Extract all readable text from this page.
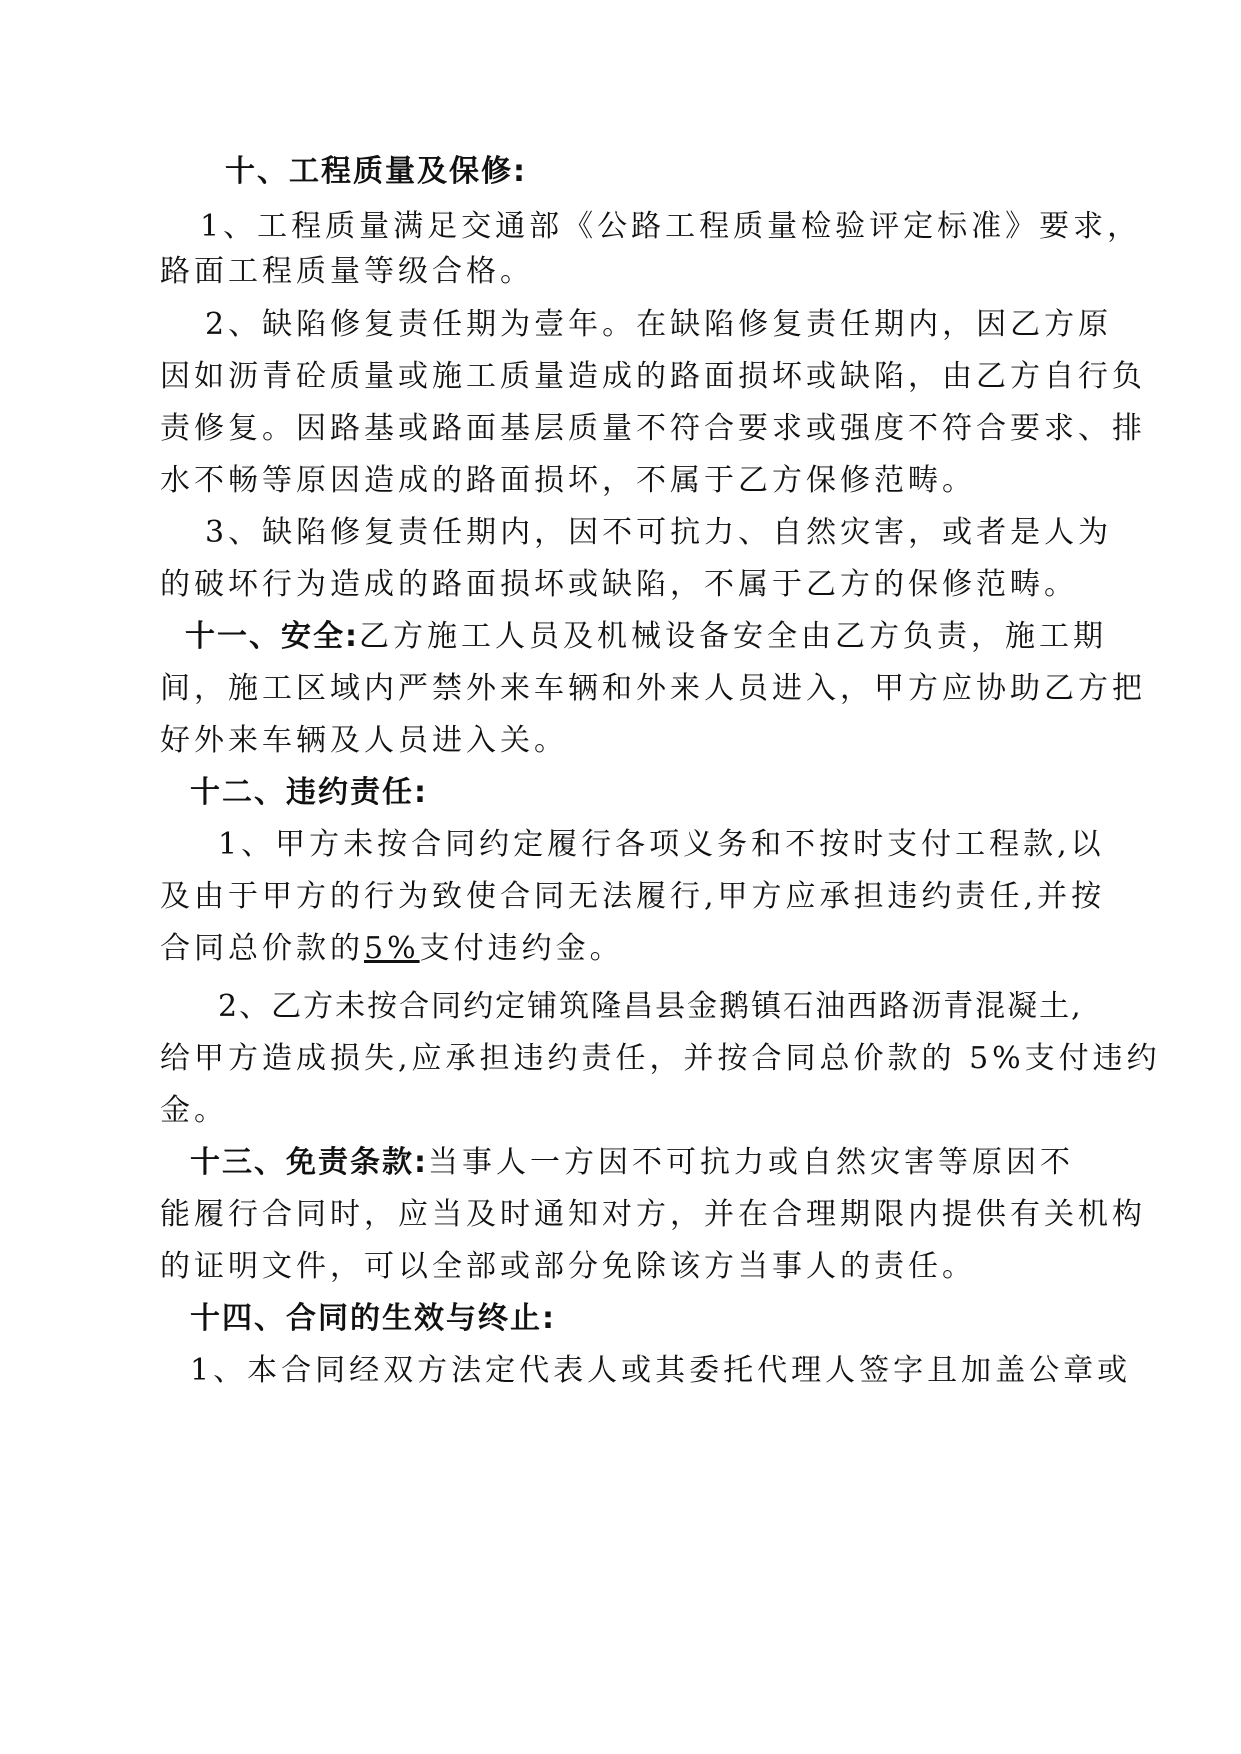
十、工程质量及保修:
1、工程质量满足交通部《公路工程质量检验评定标准》要求，
路面工程质量等级合格。
2、缺陷修复责任期为壹年。在缺陷修复责任期内，因乙方原
因如沥青砼质量或施工质量造成的路面损坏或缺陷，由乙方自行负
责修复。因路基或路面基层质量不符合要求或强度不符合要求、排
水不畅等原因造成的路面损坏，不属于乙方保修范畴。
3、缺陷修复责任期内，因不可抗力、自然灾害，或者是人为
的破坏行为造成的路面损坏或缺陷，不属于乙方的保修范畴。
十一、安全:乙方施工人员及机械设备安全由乙方负责，施工期
间，施工区域内严禁外来车辆和外来人员进入，甲方应协助乙方把
好外来车辆及人员进入关。
十二、违约责任:
1、甲方未按合同约定履行各项义务和不按时支付工程款,以
及由于甲方的行为致使合同无法履行,甲方应承担违约责任,并按
合同总价款的5%支付违约金。
2、乙方未按合同约定铺筑隆昌县金鹅镇石油西路沥青混凝土,
给甲方造成损失,应承担违约责任，并按合同总价款的 5%支付违约
金。
十三、免责条款:当事人一方因不可抗力或自然灾害等原因不
能履行合同时，应当及时通知对方，并在合理期限内提供有关机构
的证明文件，可以全部或部分免除该方当事人的责任。
十四、合同的生效与终止:
1、本合同经双方法定代表人或其委托代理人签字且加盖公章或
